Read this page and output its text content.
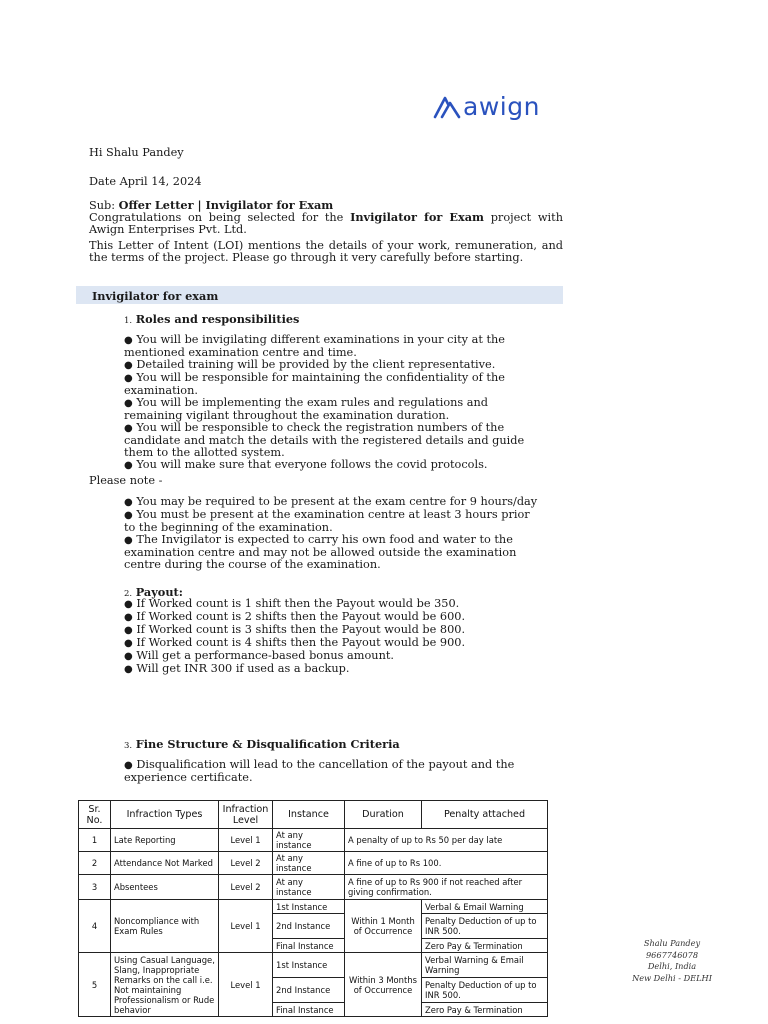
awign
Hi Shalu Pandey
Date April 14, 2024
Sub: Offer Letter | Invigilator for Exam
Congratulations on being selected for the Invigilator for Exam project with Awign Enterprises Pvt. Ltd.
This Letter of Intent (LOI) mentions the details of your work, remuneration, and the terms of the project. Please go through it very carefully before starting.
Invigilator for exam
1. Roles and responsibilities
● You will be invigilating different examinations in your city at the mentioned examination centre and time.
● Detailed training will be provided by the client representative.
● You will be responsible for maintaining the confidentiality of the examination.
● You will be implementing the exam rules and regulations and remaining vigilant throughout the examination duration.
● You will be responsible to check the registration numbers of the candidate and match the details with the registered details and guide them to the allotted system.
● You will make sure that everyone follows the covid protocols.
Please note -
● You may be required to be present at the exam centre for 9 hours/day
● You must be present at the examination centre at least 3 hours prior to the beginning of the examination.
● The Invigilator is expected to carry his own food and water to the examination centre and may not be allowed outside the examination centre during the course of the examination.
2. Payout:
● If Worked count is 1 shift then the Payout would be 350.
● If Worked count is 2 shifts then the Payout would be 600.
● If Worked count is 3 shifts then the Payout would be 800.
● If Worked count is 4 shifts then the Payout would be 900.
● Will get a performance-based bonus amount.
● Will get INR 300 if used as a backup.
3. Fine Structure & Disqualification Criteria
● Disqualification will lead to the cancellation of the payout and the experience certificate.
Sr. No.	Infraction Types	Infraction Level	Instance	Duration	Penalty attached
1	Late Reporting	Level 1	At any instance	A penalty of up to Rs 50 per day late	
2	Attendance Not Marked	Level 2	At any instance	A fine of up to Rs 100.	
3	Absentees	Level 2	At any instance	A fine of up to Rs 900 if not reached after giving confirmation.	
4	Noncompliance with Exam Rules	Level 1	1st Instance	Within 1 Month of Occurrence	Verbal & Email Warning
			2nd Instance		Penalty Deduction of up to INR 500.
			Final Instance		Zero Pay & Termination
5	Using Casual Language, Slang, Inappropriate Remarks on the call i.e. Not maintaining Professionalism or Rude behavior	Level 1	1st Instance	Within 3 Months of Occurrence	Verbal Warning & Email Warning
			2nd Instance		Penalty Deduction of up to INR 500.
			Final Instance		Zero Pay & Termination
Shalu Pandey
9667746078
Delhi, India
New Delhi - DELHI
